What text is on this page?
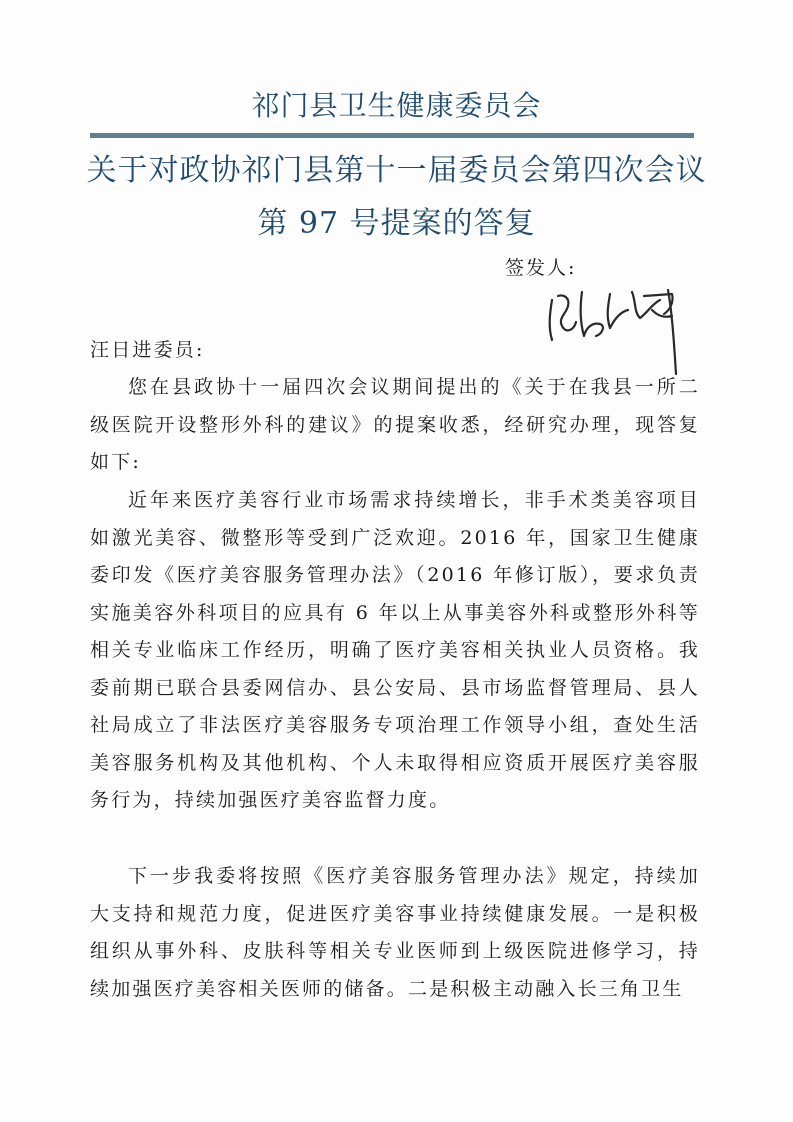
祁门县卫生健康委员会
关于对政协祁门县第十一届委员会第四次会议
第 97 号提案的答复
签发人:
汪日进委员:
您在县政协十一届四次会议期间提出的《关于在我县一所二级医院开设整形外科的建议》的提案收悉，经研究办理，现答复如下:
近年来医疗美容行业市场需求持续增长，非手术类美容项目如激光美容、微整形等受到广泛欢迎。2016 年，国家卫生健康委印发《医疗美容服务管理办法》（2016 年修订版），要求负责实施美容外科项目的应具有 6 年以上从事美容外科或整形外科等相关专业临床工作经历，明确了医疗美容相关执业人员资格。我委前期已联合县委网信办、县公安局、县市场监督管理局、县人社局成立了非法医疗美容服务专项治理工作领导小组，查处生活美容服务机构及其他机构、个人未取得相应资质开展医疗美容服务行为，持续加强医疗美容监督力度。
下一步我委将按照《医疗美容服务管理办法》规定，持续加大支持和规范力度，促进医疗美容事业持续健康发展。一是积极组织从事外科、皮肤科等相关专业医师到上级医院进修学习，持续加强医疗美容相关医师的储备。二是积极主动融入长三角卫生
